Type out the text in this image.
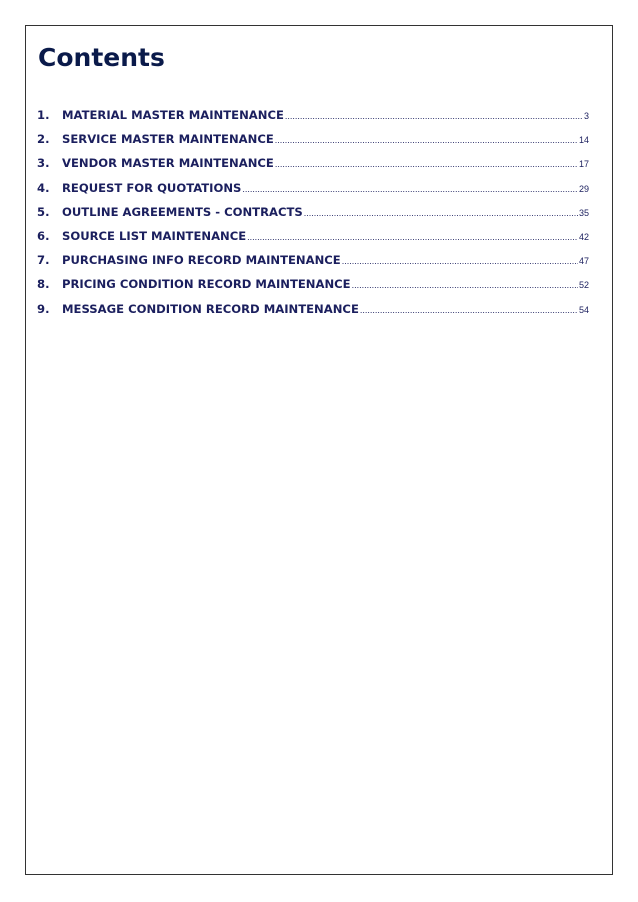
Contents
1.	MATERIAL MASTER MAINTENANCE .....	3
2.	SERVICE MASTER MAINTENANCE .....	14
3.	VENDOR MASTER MAINTENANCE .....	17
4.	REQUEST FOR QUOTATIONS .....	29
5.	OUTLINE AGREEMENTS - CONTRACTS .....	35
6.	SOURCE LIST MAINTENANCE .....	42
7.	PURCHASING INFO RECORD MAINTENANCE .....	47
8.	PRICING CONDITION RECORD MAINTENANCE .....	52
9.	MESSAGE CONDITION RECORD MAINTENANCE .....	54
